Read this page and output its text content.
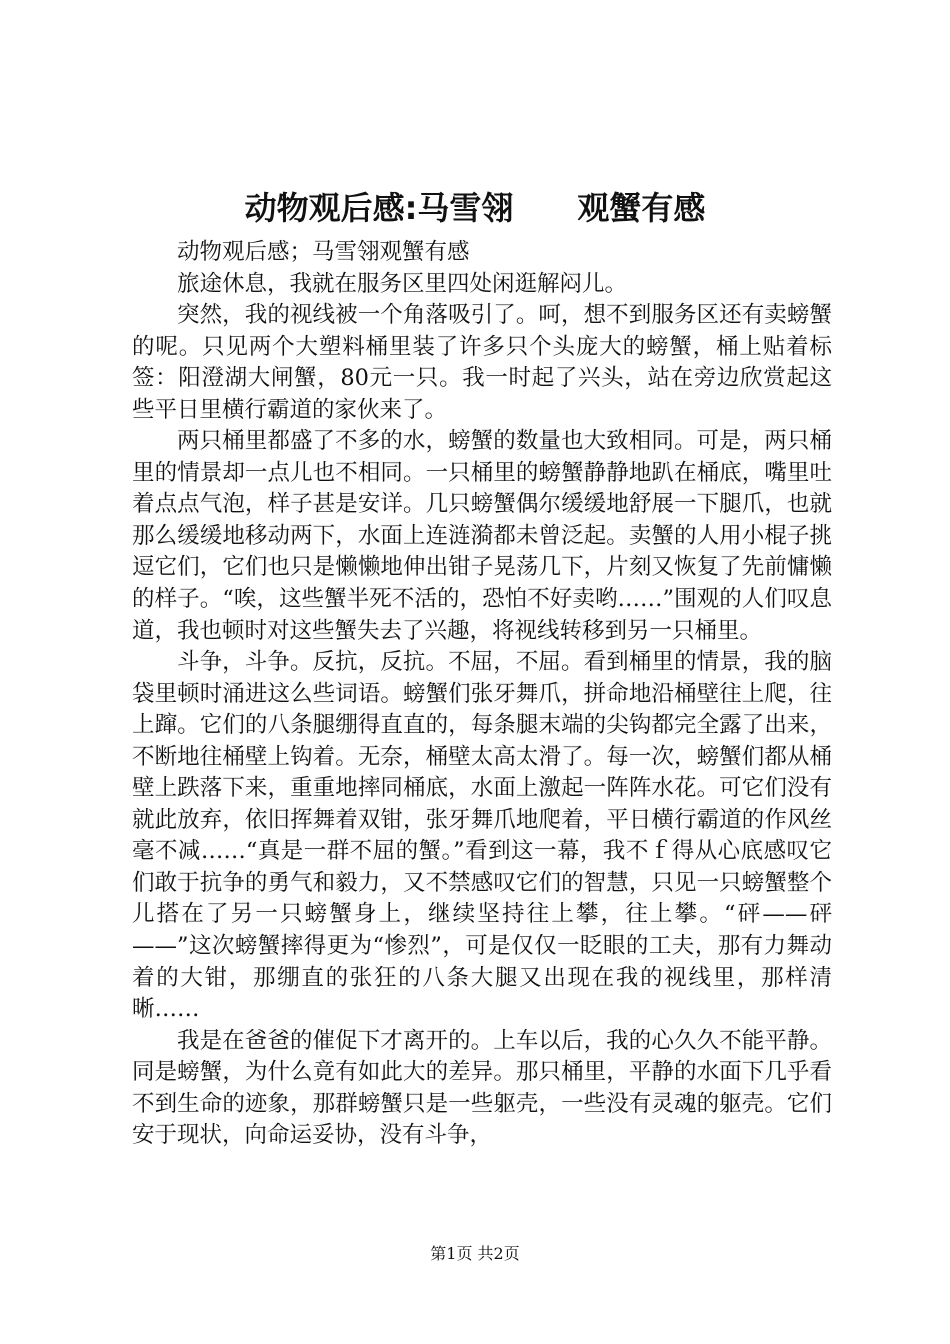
动物观后感:马雪翎　　观蟹有感

动物观后感；马雪翎观蟹有感

旅途休息，我就在服务区里四处闲逛解闷儿。

突然，我的视线被一个角落吸引了。呵，想不到服务区还有卖螃蟹的呢。只见两个大塑料桶里装了许多只个头庞大的螃蟹，桶上贴着标签：阳澄湖大闸蟹，80元一只。我一时起了兴头，站在旁边欣赏起这些平日里横行霸道的家伙来了。

两只桶里都盛了不多的水，螃蟹的数量也大致相同。可是，两只桶里的情景却一点儿也不相同。一只桶里的螃蟹静静地趴在桶底，嘴里吐着点点气泡，样子甚是安详。几只螃蟹偶尔缓缓地舒展一下腿爪，也就那么缓缓地移动两下，水面上连涟漪都未曾泛起。卖蟹的人用小棍子挑逗它们，它们也只是懒懒地伸出钳子晃荡几下，片刻又恢复了先前慵懒的样子。“唉，这些蟹半死不活的，恐怕不好卖哟……”围观的人们叹息道，我也顿时对这些蟹失去了兴趣，将视线转移到另一只桶里。

斗争，斗争。反抗，反抗。不屈，不屈。看到桶里的情景，我的脑袋里顿时涌进这么些词语。螃蟹们张牙舞爪，拼命地沿桶壁往上爬，往上蹿。它们的八条腿绷得直直的，每条腿末端的尖钩都完全露了出来，不断地往桶壁上钩着。无奈，桶壁太高太滑了。每一次，螃蟹们都从桶壁上跌落下来，重重地摔同桶底，水面上激起一阵阵水花。可它们没有就此放弃，依旧挥舞着双钳，张牙舞爪地爬着，平日横行霸道的作风丝毫不减……“真是一群不屈的蟹。”看到这一幕，我不ｆ得从心底感叹它们敢于抗争的勇气和毅力，又不禁感叹它们的智慧，只见一只螃蟹整个儿搭在了另一只螃蟹身上，继续坚持往上攀，往上攀。“砰——砰——”这次螃蟹摔得更为“惨烈”，可是仅仅一眨眼的工夫，那有力舞动着的大钳，那绷直的张狂的八条大腿又出现在我的视线里，那样清晰……

我是在爸爸的催促下才离开的。上车以后，我的心久久不能平静。同是螃蟹，为什么竟有如此大的差异。那只桶里，平静的水面下几乎看不到生命的迹象，那群螃蟹只是一些躯壳，一些没有灵魂的躯壳。它们安于现状，向命运妥协，没有斗争，

第1页 共2页
